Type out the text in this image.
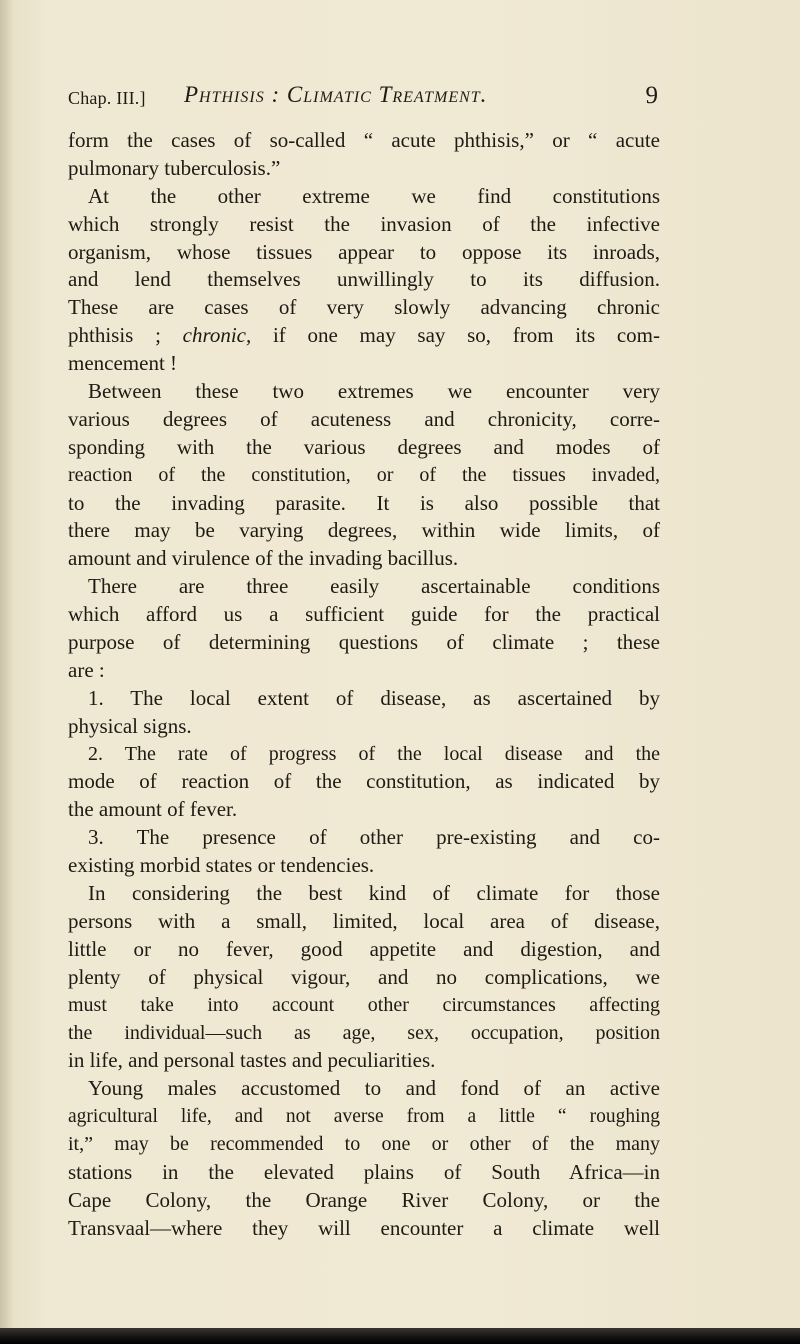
Chap. III.] Phthisis : Climatic Treatment.	9
form the cases of so-called “ acute phthisis,” or “ acute
pulmonary tuberculosis.”
At the other extreme we find constitutions
which strongly resist the invasion of the infective
organism, whose tissues appear to oppose its inroads,
and lend themselves unwillingly to its diffusion.
These are cases of very slowly advancing chronic
phthisis ; chronic, if one may say so, from its com-
mencement !
Between these two extremes we encounter very
various degrees of acuteness and chronicity, corre-
sponding with the various degrees and modes of
reaction of the constitution, or of the tissues invaded,
to the invading parasite. It is also possible that
there may be varying degrees, within wide limits, of
amount and virulence of the invading bacillus.
There are three easily ascertainable conditions
which afford us a sufficient guide for the practical
purpose of determining questions of climate ; these
are :
1. The local extent of disease, as ascertained by
physical signs.
2. The rate of progress of the local disease and the
mode of reaction of the constitution, as indicated by
the amount of fever.
3. The presence of other pre-existing and co-
existing morbid states or tendencies.
In considering the best kind of climate for those
persons with a small, limited, local area of disease,
little or no fever, good appetite and digestion, and
plenty of physical vigour, and no complications, we
must take into account other circumstances affecting
the individual—such as age, sex, occupation, position
in life, and personal tastes and peculiarities.
Young males accustomed to and fond of an active
agricultural life, and not averse from a little “ roughing
it,” may be recommended to one or other of the many
stations in the elevated plains of South Africa—in
Cape Colony, the Orange River Colony, or the
Transvaal—where they will encounter a climate well
